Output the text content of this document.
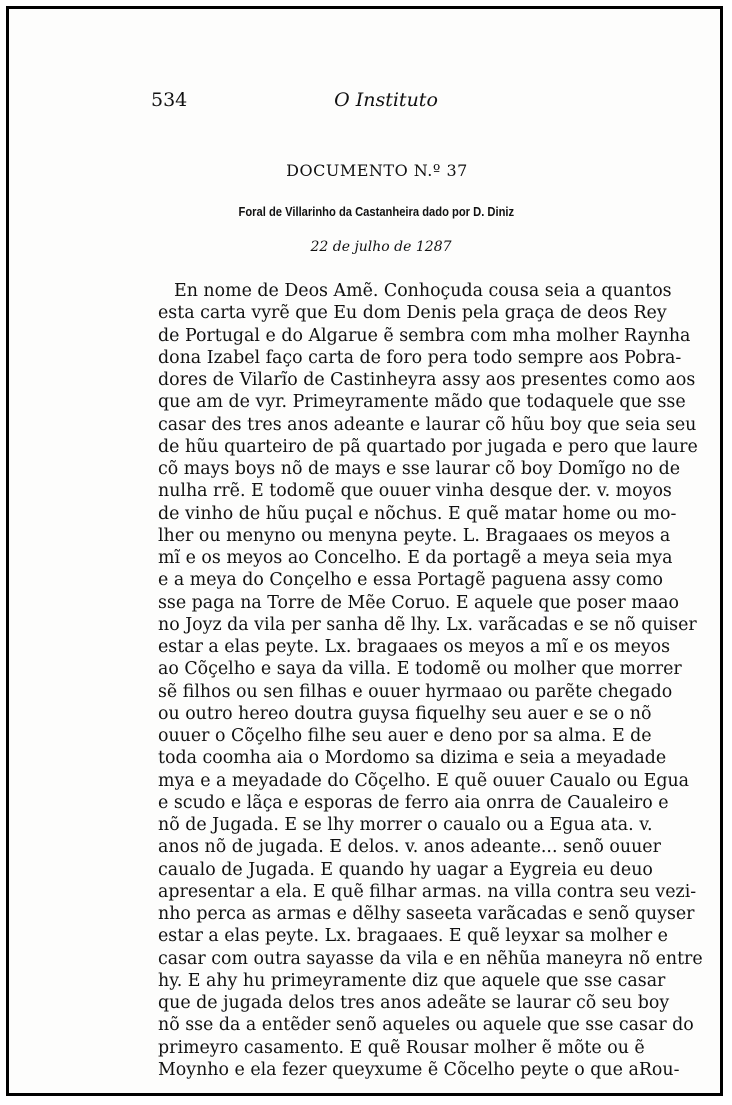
534	O Instituto
DOCUMENTO N.º 37
Foral de Villarinho da Castanheira dado por D. Diniz
22 de julho de 1287
En nome de Deos Amẽ. Conhoçuda cousa seia a quantos
esta carta vyrẽ que Eu dom Denis pela graça de deos Rey
de Portugal e do Algarue ẽ sembra com mha molher Raynha
dona Izabel faço carta de foro pera todo sempre aos Pobra-
dores de Vilarĩo de Castinheyra assy aos presentes como aos
que am de vyr. Primeyramente mãdo que todaquele que sse
casar des tres anos adeante e laurar cõ hũu boy que seia seu
de hũu quarteiro de pã quartado por jugada e pero que laure
cõ mays boys nõ de mays e sse laurar cõ boy Domĩgo no de
nulha rrẽ. E todomẽ que ouuer vinha desque der. v. moyos
de vinho de hũu puçal e nõchus. E quẽ matar home ou mo-
lher ou menyno ou menyna peyte. L. Bragaaes os meyos a
mĩ e os meyos ao Concelho. E da portagẽ a meya seia mya
e a meya do Conçelho e essa Portagẽ paguena assy como
sse paga na Torre de Mẽe Coruo. E aquele que poser maao
no Joyz da vila per sanha dẽ lhy. Lx. varãcadas e se nõ quiser
estar a elas peyte. Lx. bragaaes os meyos a mĩ e os meyos
ao Cõçelho e saya da villa. E todomẽ ou molher que morrer
sẽ filhos ou sen filhas e ouuer hyrmaao ou parẽte chegado
ou outro hereo doutra guysa fiquelhy seu auer e se o nõ
ouuer o Cõçelho filhe seu auer e deno por sa alma. E de
toda coomha aia o Mordomo sa dizima e seia a meyadade
mya e a meyadade do Cõçelho. E quẽ ouuer Caualo ou Egua
e scudo e lãça e esporas de ferro aia onrra de Caualeiro e
nõ de Jugada. E se lhy morrer o caualo ou a Egua ata. v.
anos nõ de jugada. E delos. v. anos adeante... senõ ouuer
caualo de Jugada. E quando hy uagar a Eygreia eu deuo
apresentar a ela. E quẽ filhar armas. na villa contra seu vezi-
nho perca as armas e dẽlhy saseeta varãcadas e senõ quyser
estar a elas peyte. Lx. bragaaes. E quẽ leyxar sa molher e
casar com outra sayasse da vila e en nẽhũa maneyra nõ entre
hy. E ahy hu primeyramente diz que aquele que sse casar
que de jugada delos tres anos adeãte se laurar cõ seu boy
nõ sse da a entẽder senõ aqueles ou aquele que sse casar do
primeyro casamento. E quẽ Rousar molher ẽ mõte ou ẽ
Moynho e ela fezer queyxume ẽ Cõcelho peyte o que aRou-
